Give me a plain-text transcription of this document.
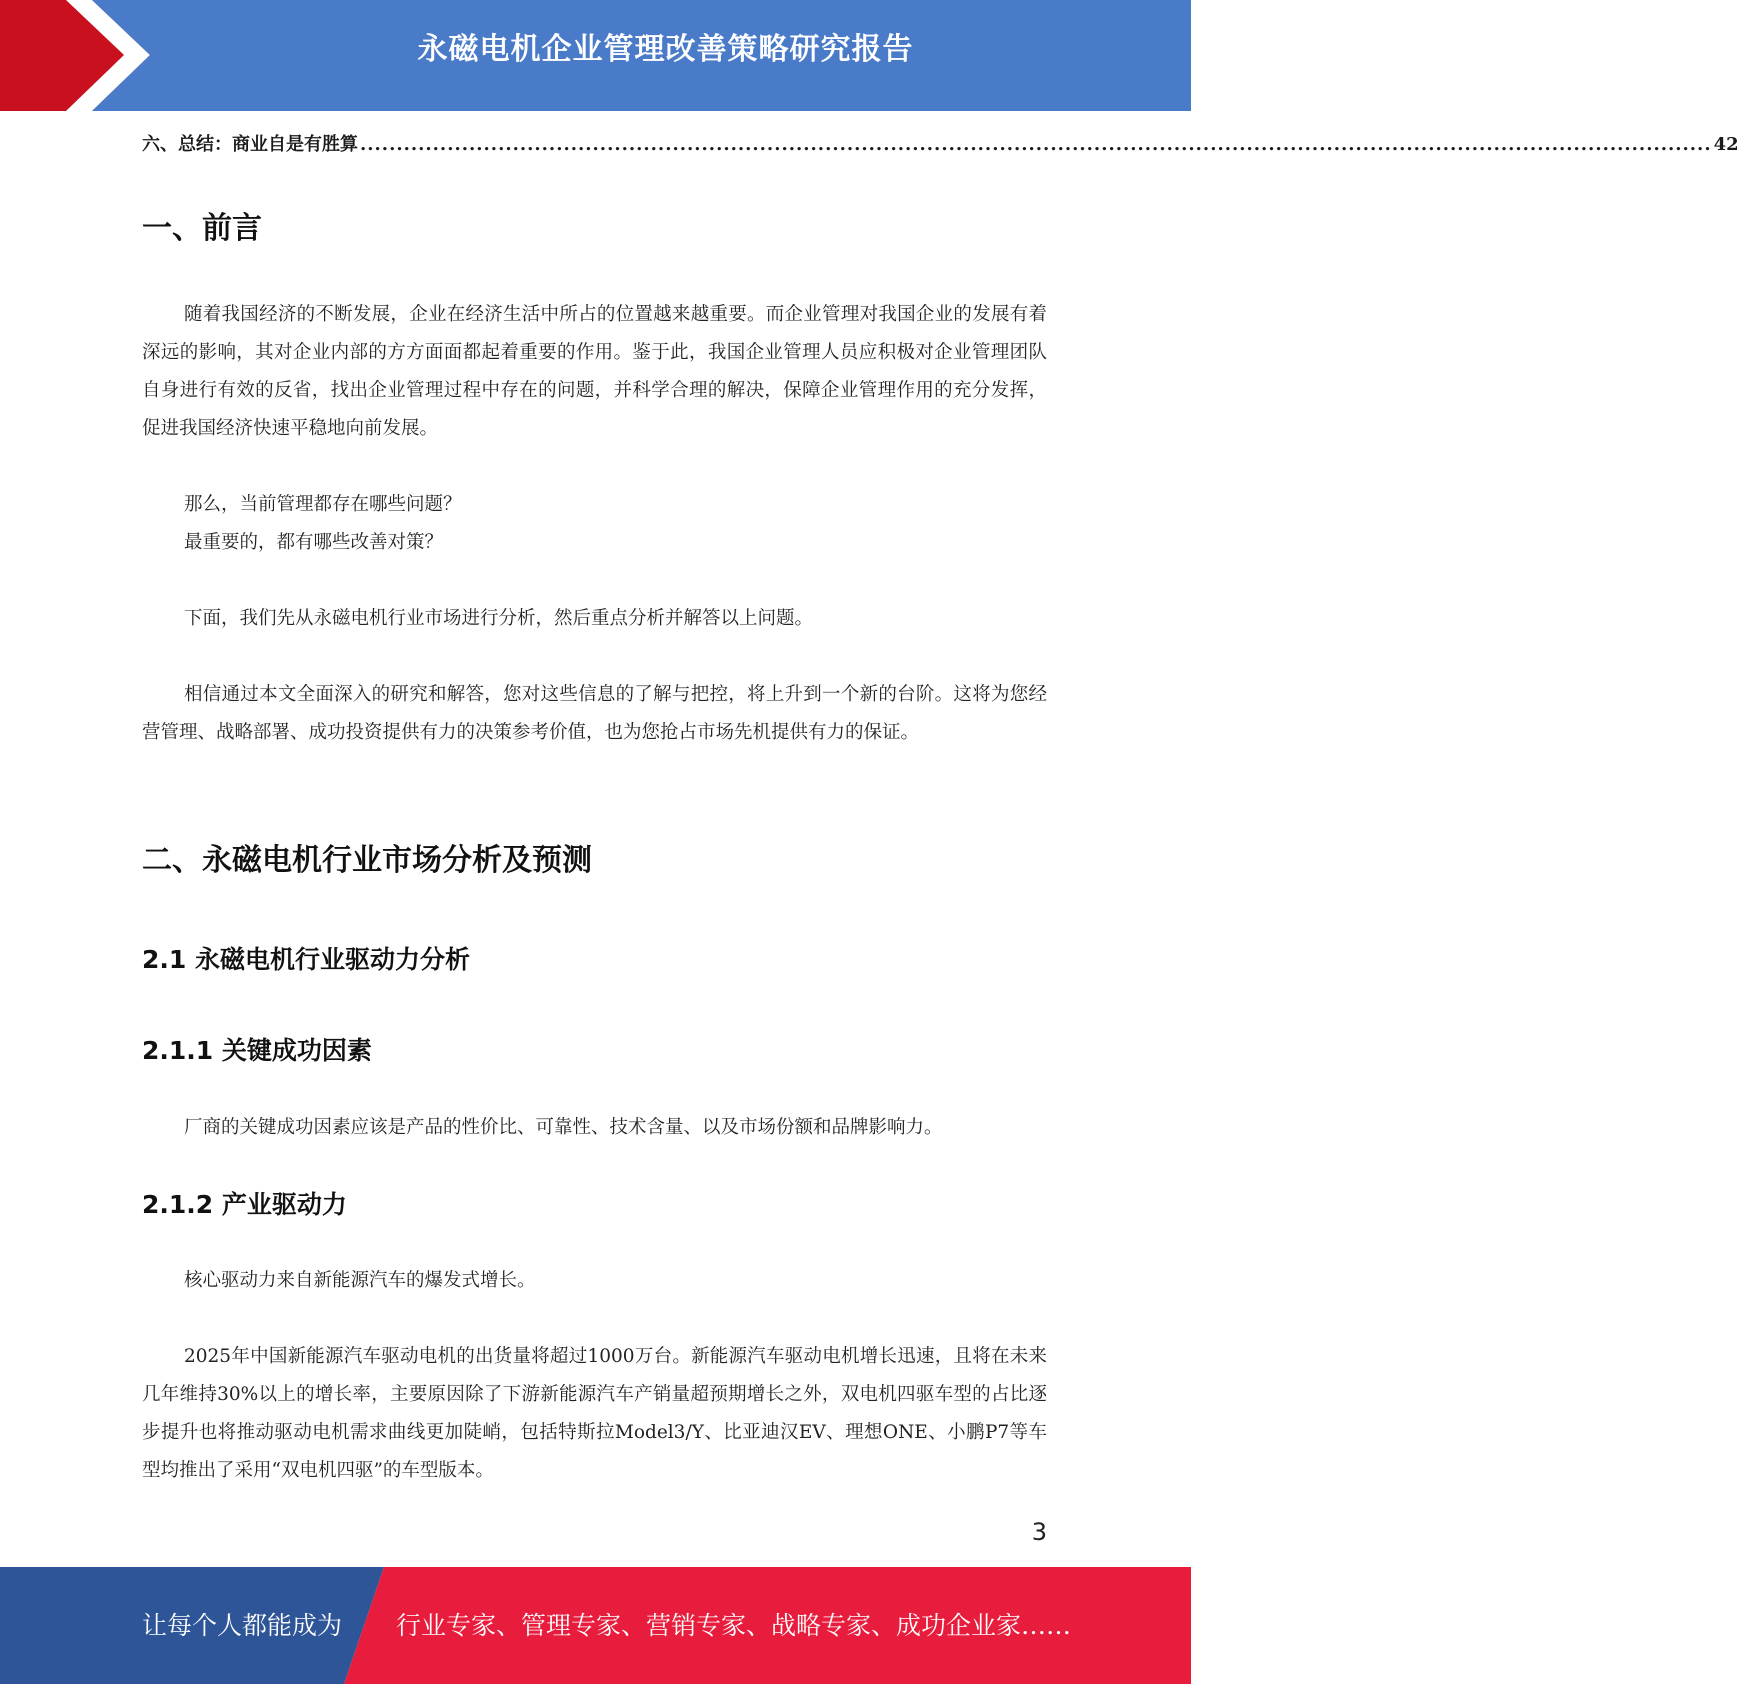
永磁电机企业管理改善策略研究报告
六、总结：商业自是有胜算 .......................................................................................................................................................................................... 42
一、前言

随着我国经济的不断发展，企业在经济生活中所占的位置越来越重要。而企业管理对我国企业的发展有着深远的影响，其对企业内部的方方面面都起着重要的作用。鉴于此，我国企业管理人员应积极对企业管理团队自身进行有效的反省，找出企业管理过程中存在的问题，并科学合理的解决，保障企业管理作用的充分发挥，促进我国经济快速平稳地向前发展。

那么，当前管理都存在哪些问题？

最重要的，都有哪些改善对策？

下面，我们先从永磁电机行业市场进行分析，然后重点分析并解答以上问题。

相信通过本文全面深入的研究和解答，您对这些信息的了解与把控，将上升到一个新的台阶。这将为您经营管理、战略部署、成功投资提供有力的决策参考价值，也为您抢占市场先机提供有力的保证。

二、永磁电机行业市场分析及预测
2.1 永磁电机行业驱动力分析
2.1.1 关键成功因素

厂商的关键成功因素应该是产品的性价比、可靠性、技术含量、以及市场份额和品牌影响力。

2.1.2 产业驱动力

核心驱动力来自新能源汽车的爆发式增长。

2025年中国新能源汽车驱动电机的出货量将超过1000万台。新能源汽车驱动电机增长迅速，且将在未来几年维持30%以上的增长率，主要原因除了下游新能源汽车产销量超预期增长之外，双电机四驱车型的占比逐步提升也将推动驱动电机需求曲线更加陡峭，包括特斯拉Model3/Y、比亚迪汉EV、理想ONE、小鹏P7等车型均推出了采用“双电机四驱”的车型版本。

3
让每个人都能成为 行业专家、管理专家、营销专家、战略专家、成功企业家……
